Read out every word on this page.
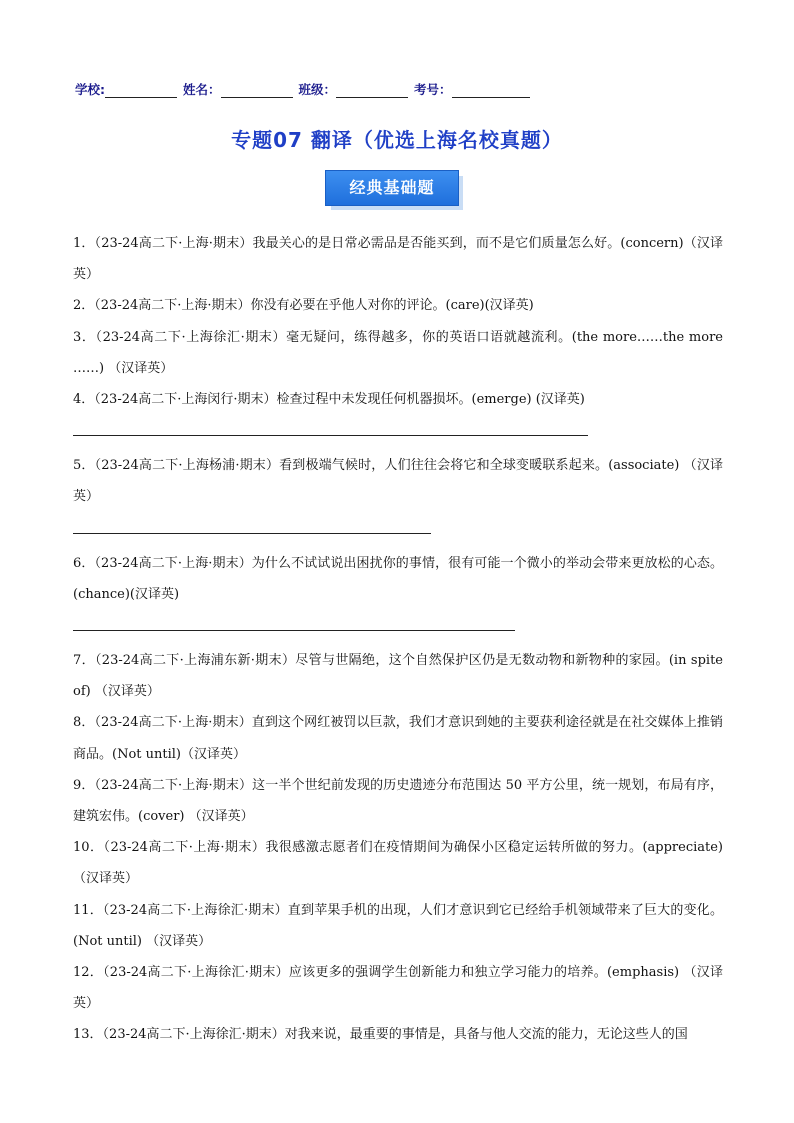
学校:	姓名：	班级：	考号：
专题07 翻译（优选上海名校真题）
经典基础题

1．（23-24高二下·上海·期末）我最关心的是日常必需品是否能买到，而不是它们质量怎么好。(concern)（汉译英）

2．（23-24高二下·上海·期末）你没有必要在乎他人对你的评论。(care)(汉译英)

3．（23-24高二下·上海徐汇·期末）毫无疑问，练得越多，你的英语口语就越流利。(the more……the more ……) （汉译英）

4．（23-24高二下·上海闵行·期末）检查过程中未发现任何机器损坏。(emerge) (汉译英)

5．（23-24高二下·上海杨浦·期末）看到极端气候时，人们往往会将它和全球变暖联系起来。(associate) （汉译英）

6．（23-24高二下·上海·期末）为什么不试试说出困扰你的事情，很有可能一个微小的举动会带来更放松的心态。(chance)(汉译英)

7．（23-24高二下·上海浦东新·期末）尽管与世隔绝，这个自然保护区仍是无数动物和新物种的家园。(in spite of) （汉译英）

8．（23-24高二下·上海·期末）直到这个网红被罚以巨款，我们才意识到她的主要获利途径就是在社交媒体上推销商品。(Not until)（汉译英）

9．（23-24高二下·上海·期末）这一半个世纪前发现的历史遗迹分布范围达 50 平方公里，统一规划，布局有序，建筑宏伟。(cover) （汉译英）

10．（23-24高二下·上海·期末）我很感激志愿者们在疫情期间为确保小区稳定运转所做的努力。(appreciate)（汉译英）

11．（23-24高二下·上海徐汇·期末）直到苹果手机的出现，人们才意识到它已经给手机领域带来了巨大的变化。(Not until) （汉译英）

12．（23-24高二下·上海徐汇·期末）应该更多的强调学生创新能力和独立学习能力的培养。(emphasis) （汉译英）

13．（23-24高二下·上海徐汇·期末）对我来说，最重要的事情是，具备与他人交流的能力，无论这些人的国
